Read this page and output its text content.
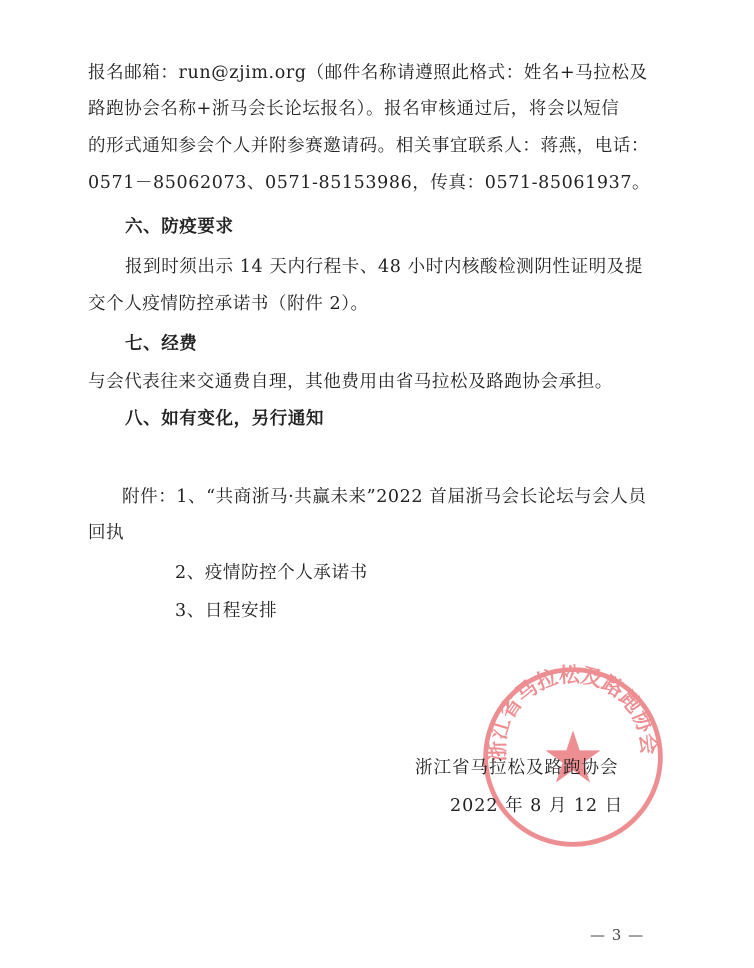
报名邮箱：run@zjim.org（邮件名称请遵照此格式：姓名+马拉松及
路跑协会名称+浙马会长论坛报名）。报名审核通过后，将会以短信
的形式通知参会个人并附参赛邀请码。相关事宜联系人：蒋燕，电话：
0571－85062073、0571-85153986，传真：0571-85061937。
六、防疫要求
报到时须出示 14 天内行程卡、48 小时内核酸检测阴性证明及提
交个人疫情防控承诺书（附件 2）。
七、经费
与会代表往来交通费自理，其他费用由省马拉松及路跑协会承担。
八、如有变化，另行通知
附件：1、“共商浙马·共赢未来”2022 首届浙马会长论坛与会人员
回执
2、疫情防控个人承诺书
3、日程安排
浙江省马拉松及路跑协会
浙江省马拉松及路跑协会
2022 年 8 月 12 日
— 3 —
